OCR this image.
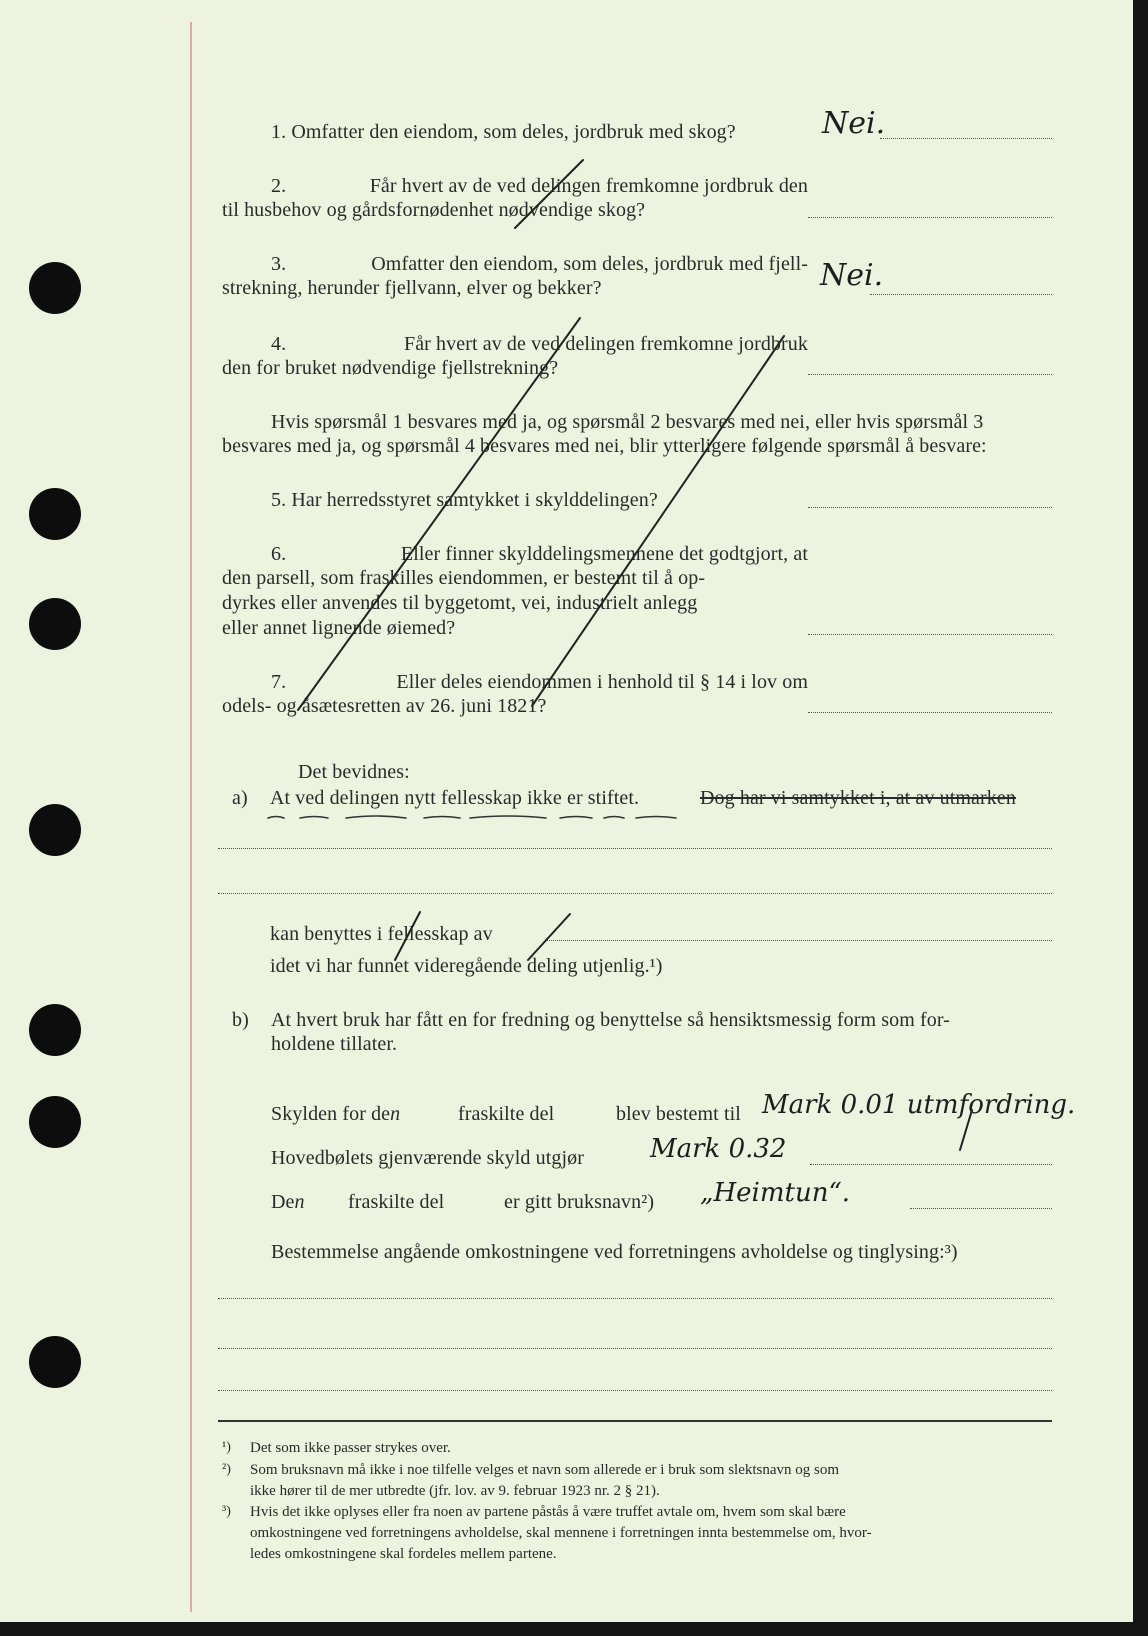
1. Omfatter den eiendom, som deles, jordbruk med skog?	Nei.
2.	Får hvert av de ved delingen fremkomne jordbruk den
til husbehov og gårdsfornødenhet nødvendige skog?
3.	Omfatter den eiendom, som deles, jordbruk med fjell-
strekning, herunder fjellvann, elver og bekker?	Nei.
4.	Får hvert av de ved delingen fremkomne jordbruk
den for bruket nødvendige fjellstrekning?
Hvis spørsmål 1 besvares med ja, og spørsmål 2 besvares med nei, eller hvis spørsmål 3
besvares med ja, og spørsmål 4 besvares med nei, blir ytterligere følgende spørsmål å besvare:
5. Har herredsstyret samtykket i skylddelingen?
6.	Eller finner skylddelingsmennene det godtgjort, at
den parsell, som fraskilles eiendommen, er bestemt til å op-
dyrkes eller anvendes til byggetomt, vei, industrielt anlegg
eller annet lignende øiemed?
7.	Eller deles eiendommen i henhold til § 14 i lov om
odels- og åsætesretten av 26. juni 1821?
Det bevidnes:
a) At ved delingen nytt fellesskap ikke er stiftet.	Dog har vi samtykket i, at av utmarken
kan benyttes i fellesskap av
idet vi har funnet videregående deling utjenlig.¹)
b) At hvert bruk har fått en for fredning og benyttelse så hensiktsmessig form som for-
holdene tillater.
Skylden for den	fraskilte del	blev bestemt til Mark 0.01 utmfordring.
Hovedbølets gjenværende skyld utgjør	Mark 0.32
Den fraskilte del	er gitt bruksnavn²) „Heimtun“.
Bestemmelse angående omkostningene ved forretningens avholdelse og tinglysing:³)
¹) Det som ikke passer strykes over.
²) Som bruksnavn må ikke i noe tilfelle velges et navn som allerede er i bruk som slektsnavn og som
ikke hører til de mer utbredte (jfr. lov. av 9. februar 1923 nr. 2 § 21).
³) Hvis det ikke oplyses eller fra noen av partene påstås å være truffet avtale om, hvem som skal bære
omkostningene ved forretningens avholdelse, skal mennene i forretningen innta bestemmelse om, hvor-
ledes omkostningene skal fordeles mellem partene.
